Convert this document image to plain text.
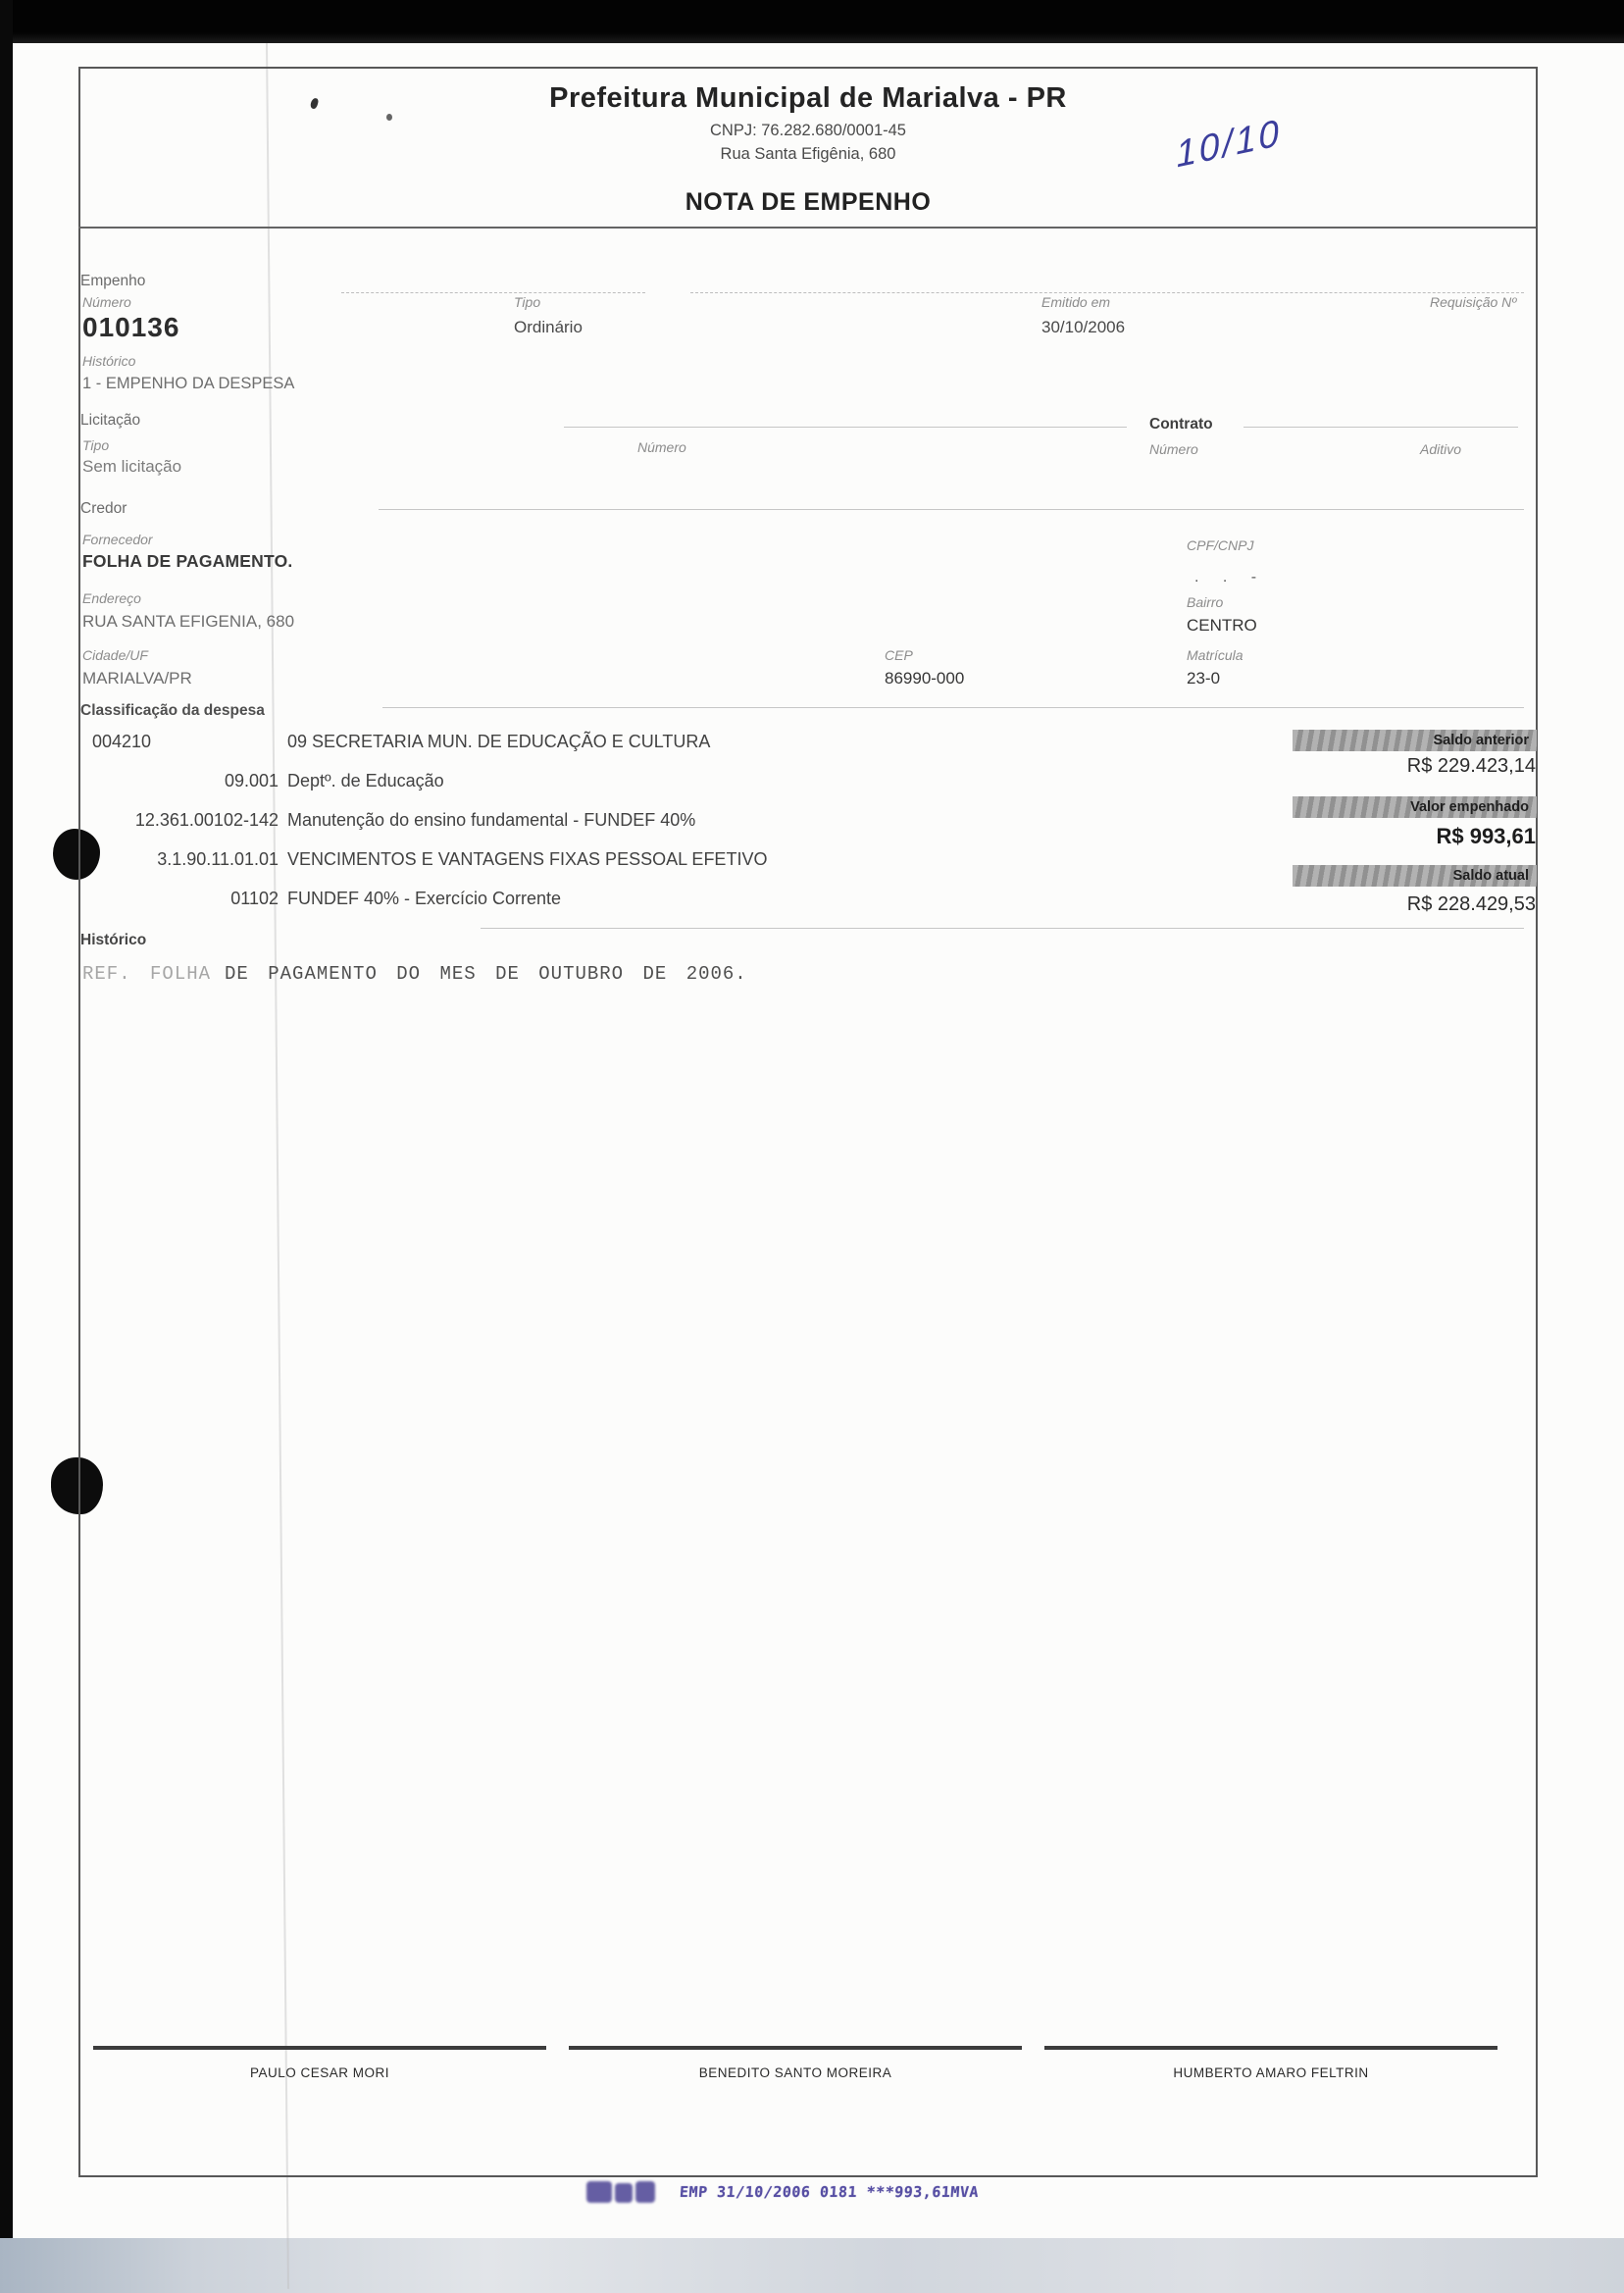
Prefeitura Municipal de Marialva - PR
CNPJ: 76.282.680/0001-45
Rua Santa Efigênia, 680
NOTA DE EMPENHO
10/10
Empenho
Número
010136
Tipo
Ordinário
Emitido em
30/10/2006
Requisição Nº
Histórico
1 - EMPENHO DA DESPESA
Licitação
Tipo
Sem licitação
Número
Contrato
Número	Aditivo
Credor
Fornecedor
FOLHA DE PAGAMENTO.
CPF/CNPJ
. . -
Endereço
RUA SANTA EFIGENIA, 680
Bairro
CENTRO
Cidade/UF
MARIALVA/PR
CEP
86990-000
Matrícula
23-0
Classificação da despesa
004210	09 SECRETARIA MUN. DE EDUCAÇÃO E CULTURA
09.001 Deptº. de Educação
12.361.00102-142 Manutenção do ensino fundamental - FUNDEF 40%
3.1.90.11.01.01 VENCIMENTOS E VANTAGENS FIXAS PESSOAL EFETIVO
01102 FUNDEF 40% - Exercício Corrente
Saldo anterior
R$ 229.423,14
Valor empenhado
R$ 993,61
Saldo atual
R$ 228.429,53
Histórico
REF. FOLHA DE PAGAMENTO DO MES DE OUTUBRO DE 2006.
PAULO CESAR MORI	BENEDITO SANTO MOREIRA	HUMBERTO AMARO FELTRIN
EMP 31/10/2006 0181 ***993,61MVA
